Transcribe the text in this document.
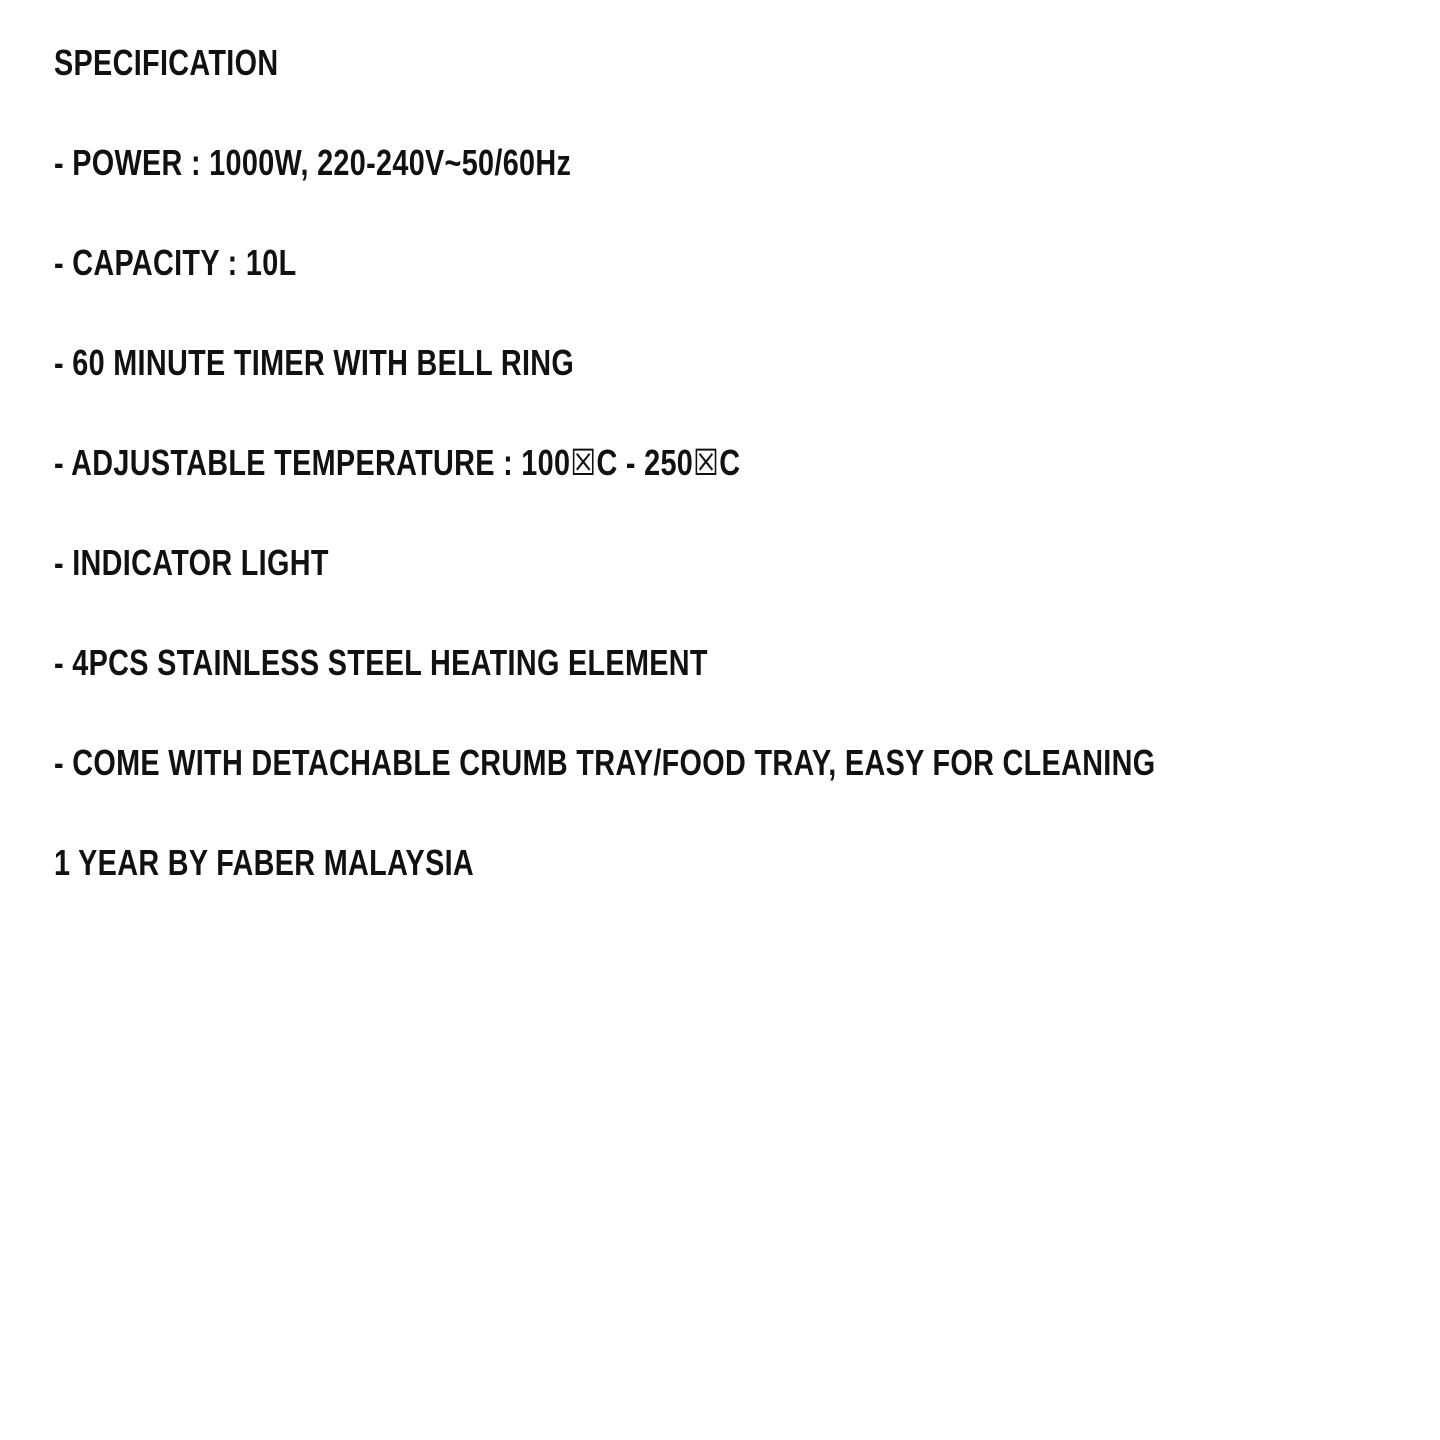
SPECIFICATION
- POWER : 1000W, 220-240V~50/60Hz
- CAPACITY : 10L
- 60 MINUTE TIMER WITH BELL RING
- ADJUSTABLE TEMPERATURE : 100☒C - 250☒C
- INDICATOR LIGHT
- 4PCS STAINLESS STEEL HEATING ELEMENT
- COME WITH DETACHABLE CRUMB TRAY/FOOD TRAY, EASY FOR CLEANING
1 YEAR BY FABER MALAYSIA
